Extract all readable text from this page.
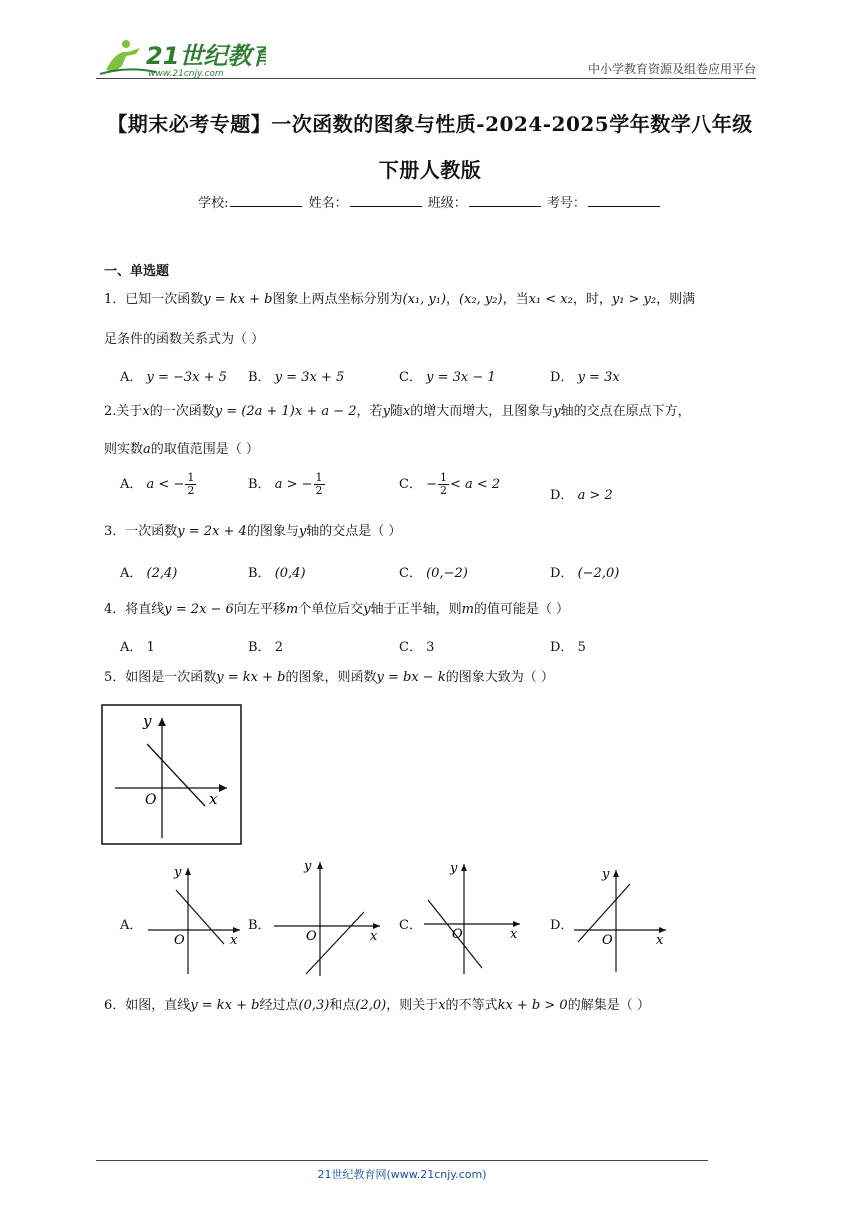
21世纪教育
www.21cnjy.com	中小学教育资源及组卷应用平台
【期末必考专题】一次函数的图象与性质-2024-2025学年数学八年级
下册人教版
学校:	姓名：	班级：	考号：
一、单选题
1．已知一次函数y = kx + b图象上两点坐标分别为(x₁, y₁)，(x₂, y₂)，当x₁ < x₂，时，y₁ > y₂，则满
足条件的函数关系式为（ ）
A． y = −3x + 5 B． y = 3x + 5	C． y = 3x − 1	D． y = 3x
2.关于x的一次函数y = (2a + 1)x + a − 2，若y随x的增大而增大，且图象与y轴的交点在原点下方，
则实数a的取值范围是（ ）
A． a < − $\frac{1}{2}$	B． a > − $\frac{1}{2}$	C． − $\frac{1}{2} < a < 2$
D． a > 2
3．一次函数y = 2x + 4的图象与y轴的交点是（ ）
A． (2,4)	B． (0,4)	C． (0,−2)	D． (−2,0)
4．将直线y = 2x − 6向左平移m个单位后交y轴于正半轴，则m的值可能是（ ）
A． 1	B． 2	C． 3	D． 5
5．如图是一次函数y = kx + b的图象，则函数y = bx − k的图象大致为（ ）
x
y
O
A．
x
y
O
B．
x
y
O
C．
x
y
O
D．
x
y
O
6．如图，直线y = kx + b经过点(0,3)和点(2,0)，则关于x的不等式kx + b > 0的解集是（ ）
21世纪教育网(www.21cnjy.com)
